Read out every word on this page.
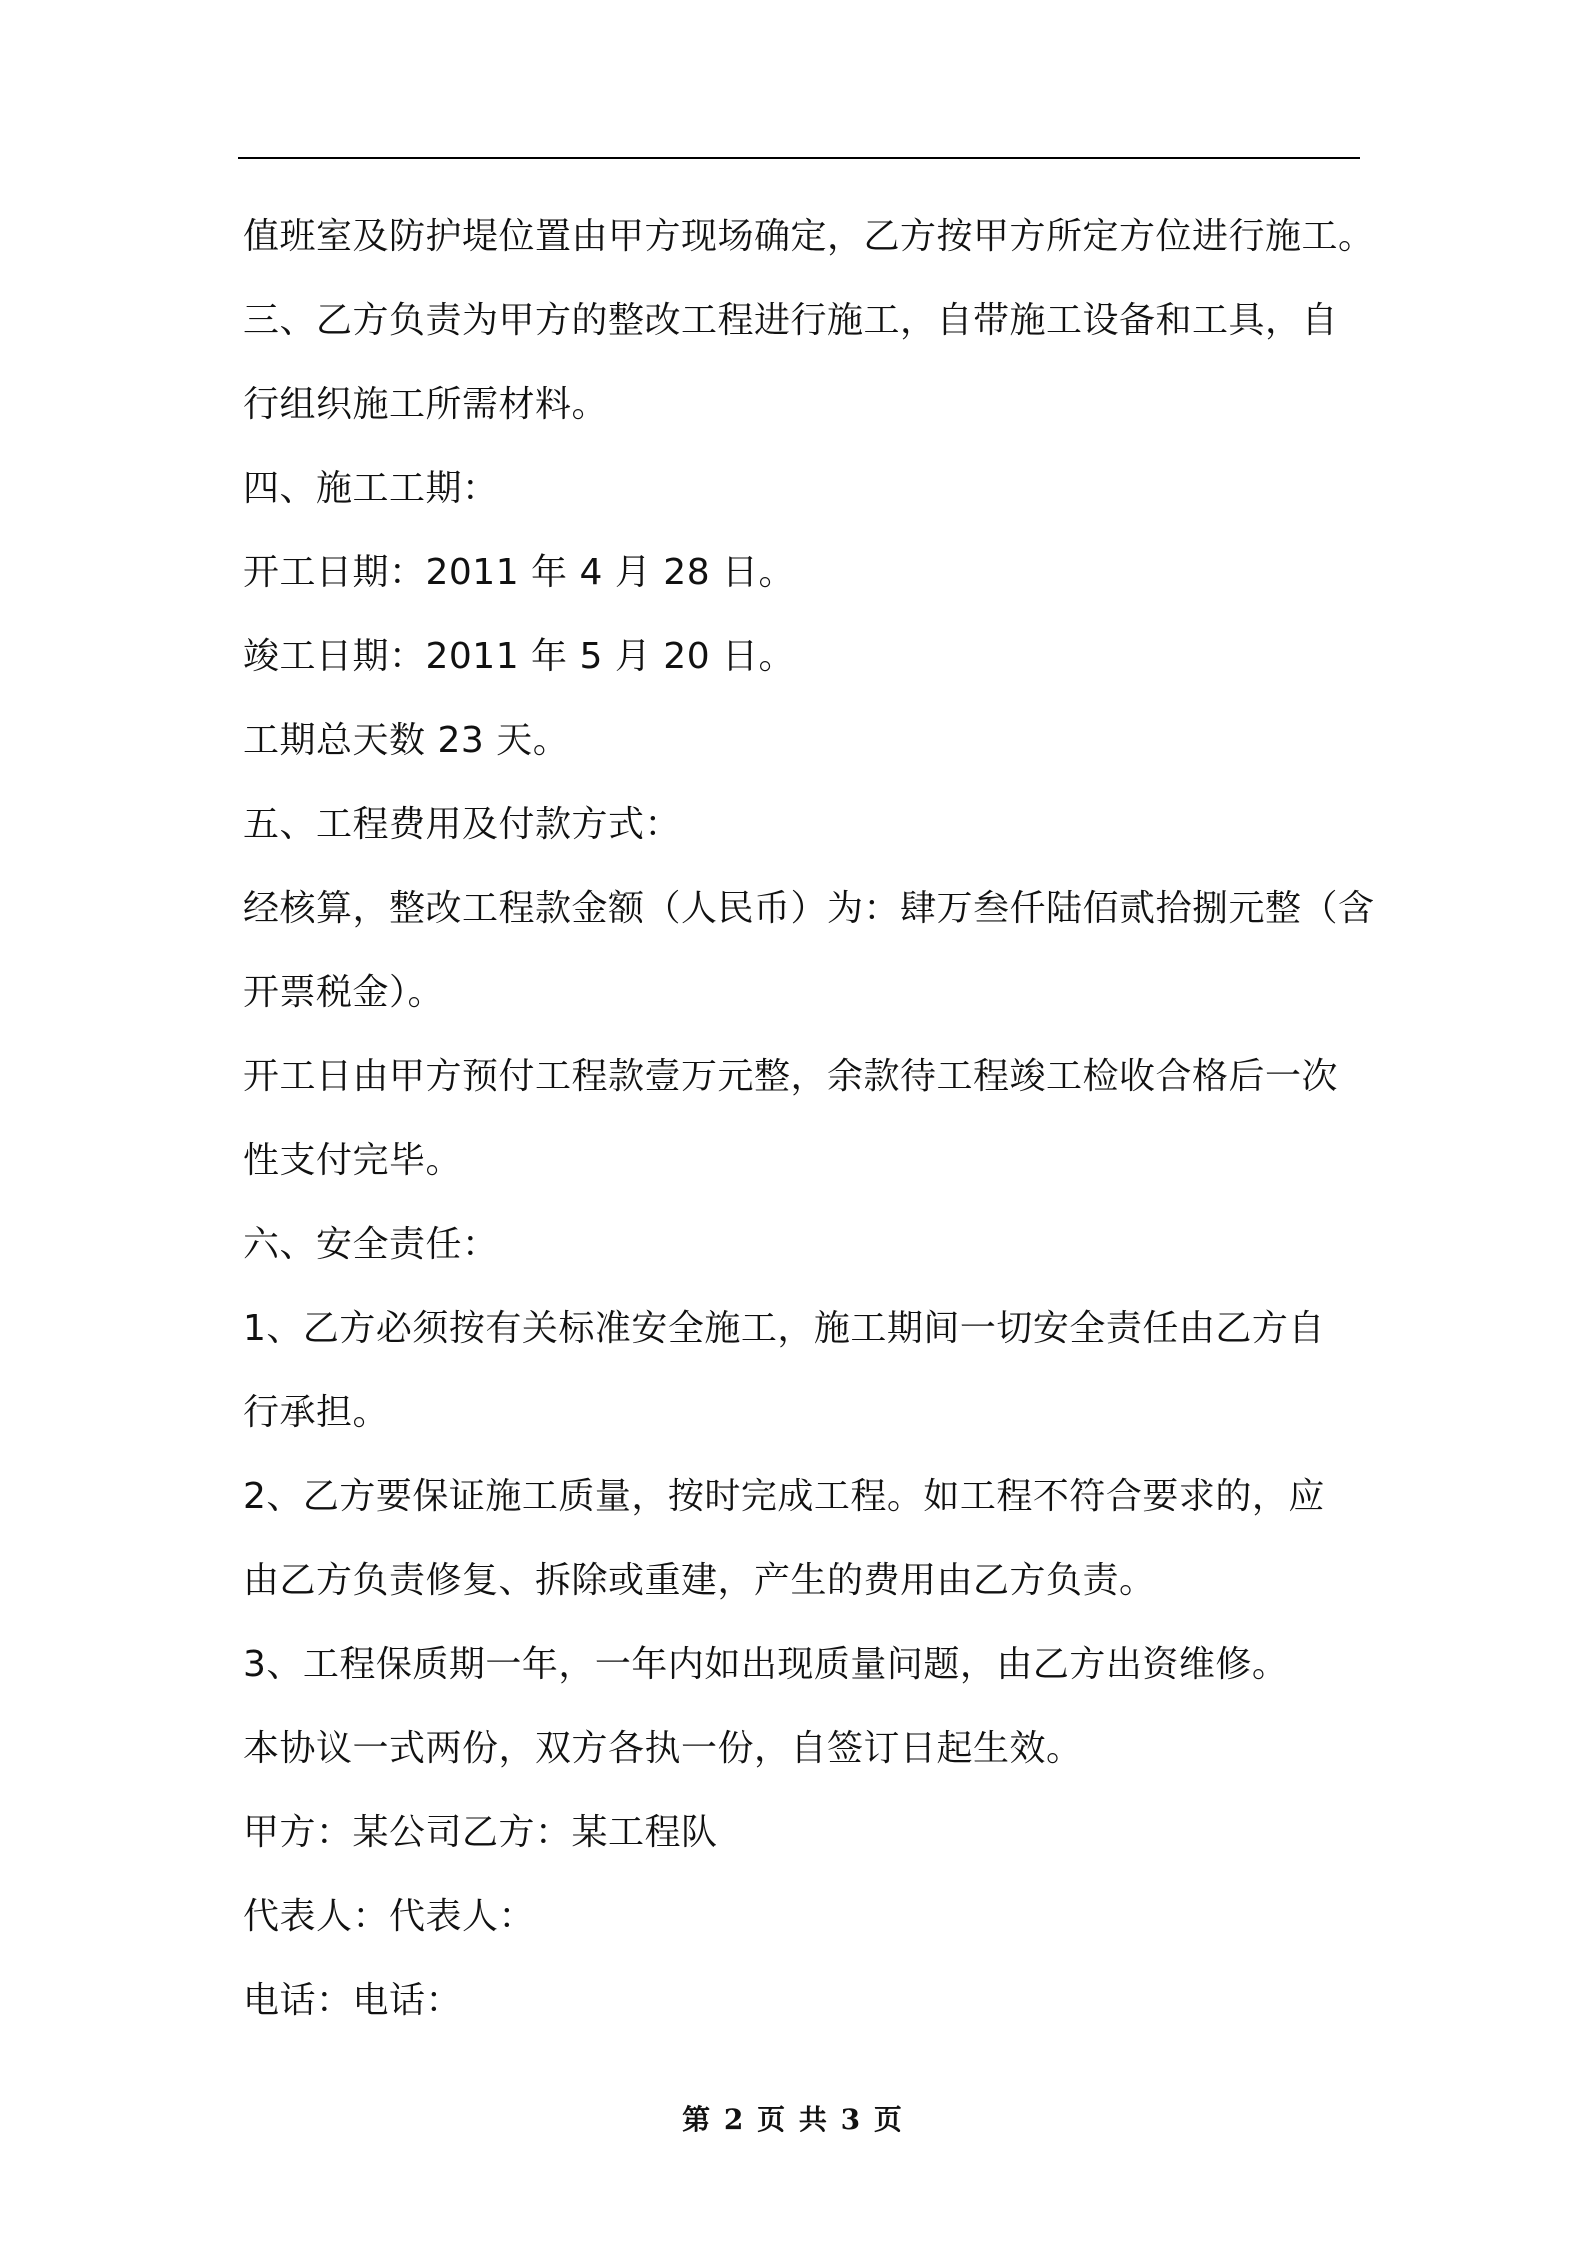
值班室及防护堤位置由甲方现场确定，乙方按甲方所定方位进行施工。
三、乙方负责为甲方的整改工程进行施工，自带施工设备和工具，自
行组织施工所需材料。
四、施工工期：
开工日期：2011 年 4 月 28 日。
竣工日期：2011 年 5 月 20 日。
工期总天数 23 天。
五、工程费用及付款方式：
经核算，整改工程款金额（人民币）为：肆万叁仟陆佰贰拾捌元整（含
开票税金）。
开工日由甲方预付工程款壹万元整，余款待工程竣工检收合格后一次
性支付完毕。
六、安全责任：
1、乙方必须按有关标准安全施工，施工期间一切安全责任由乙方自
行承担。
2、乙方要保证施工质量，按时完成工程。如工程不符合要求的，应
由乙方负责修复、拆除或重建，产生的费用由乙方负责。
3、工程保质期一年，一年内如出现质量问题，由乙方出资维修。
本协议一式两份，双方各执一份，自签订日起生效。
甲方：某公司乙方：某工程队
代表人：代表人：
电话：电话：
第 2 页 共 3 页
